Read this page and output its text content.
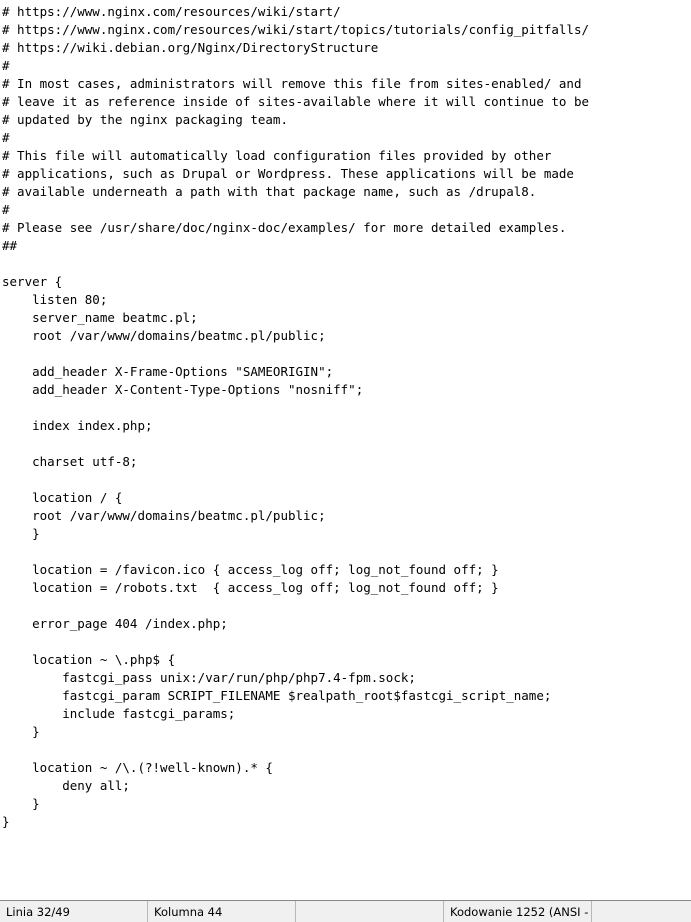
# https://www.nginx.com/resources/wiki/start/
# https://www.nginx.com/resources/wiki/start/topics/tutorials/config_pitfalls/
# https://wiki.debian.org/Nginx/DirectoryStructure
#
# In most cases, administrators will remove this file from sites-enabled/ and
# leave it as reference inside of sites-available where it will continue to be
# updated by the nginx packaging team.
#
# This file will automatically load configuration files provided by other
# applications, such as Drupal or Wordpress. These applications will be made
# available underneath a path with that package name, such as /drupal8.
#
# Please see /usr/share/doc/nginx-doc/examples/ for more detailed examples.
##
server {
listen 80;
server_name beatmc.pl;
root /var/www/domains/beatmc.pl/public;
add_header X-Frame-Options "SAMEORIGIN";
add_header X-Content-Type-Options "nosniff";
index index.php;
charset utf-8;
location / {
root /var/www/domains/beatmc.pl/public;
}
location = /favicon.ico { access_log off; log_not_found off; }
location = /robots.txt  { access_log off; log_not_found off; }
error_page 404 /index.php;
location ~ \.php$ {
fastcgi_pass unix:/var/run/php/php7.4-fpm.sock;
fastcgi_param SCRIPT_FILENAME $realpath_root$fastcgi_script_name;
include fastcgi_params;
}
location ~ /\.(?!well-known).* {
deny all;
}
}
Linia 32/49	Kolumna 44	Kodowanie 1252 (ANSI -
